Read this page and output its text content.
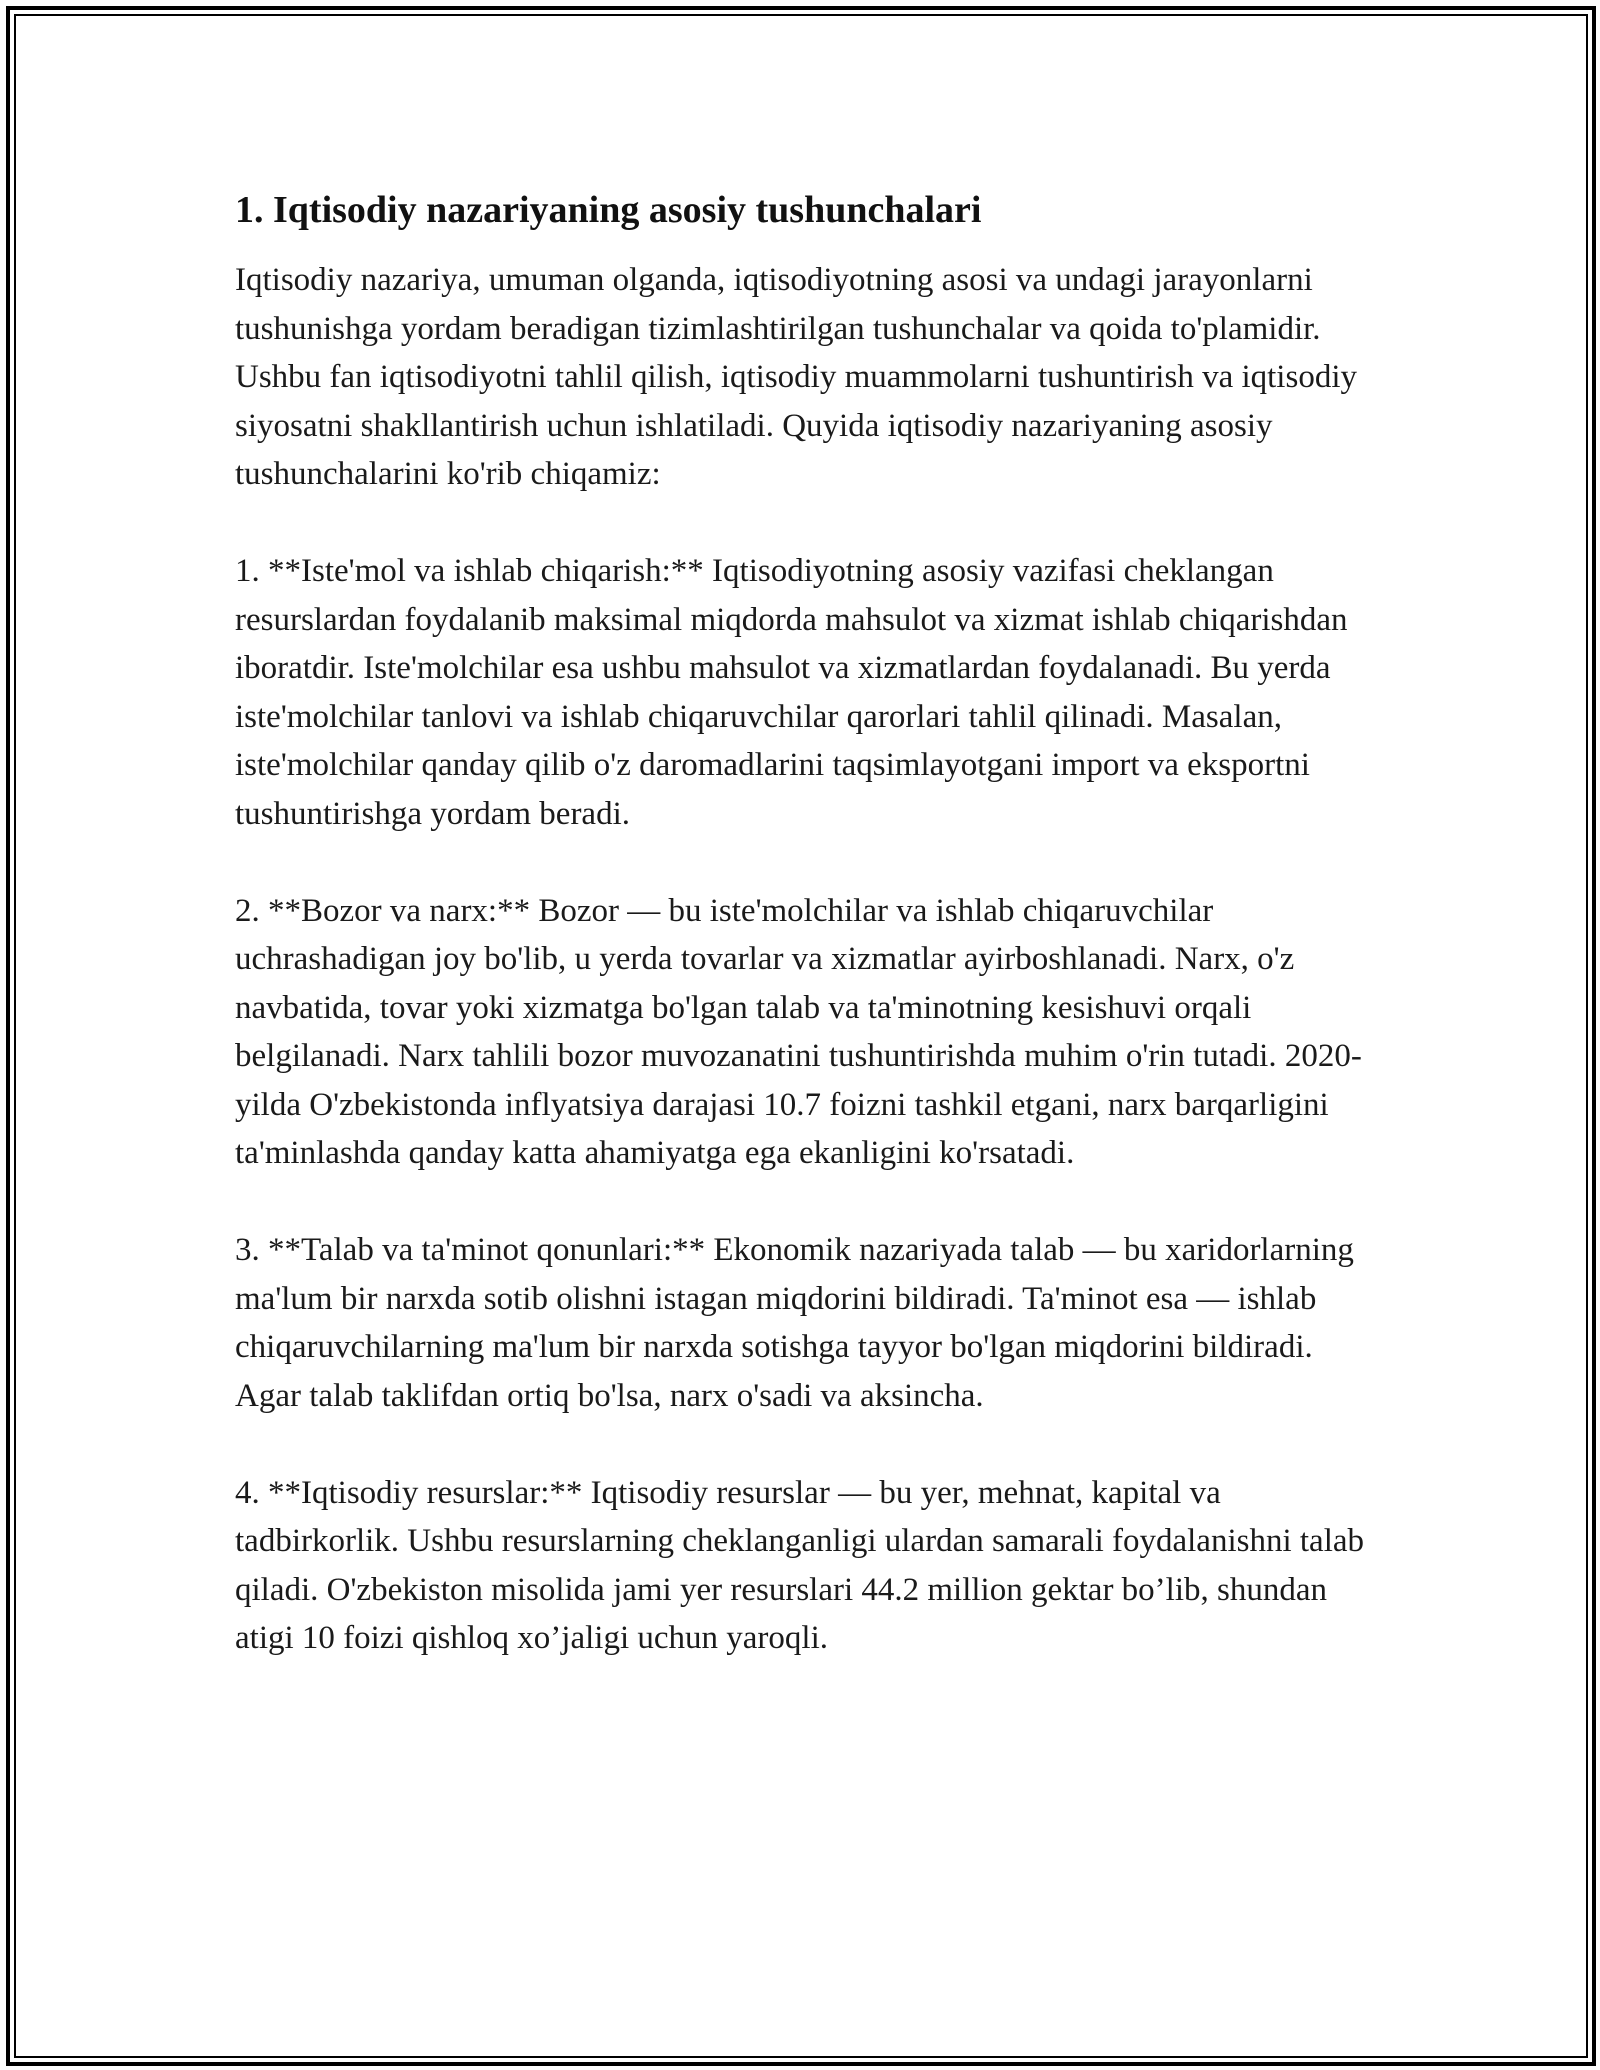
1. Iqtisodiy nazariyaning asosiy tushunchalari

Iqtisodiy nazariya, umuman olganda, iqtisodiyotning asosi va undagi jarayonlarni tushunishga yordam beradigan tizimlashtirilgan tushunchalar va qoida to'plamidir. Ushbu fan iqtisodiyotni tahlil qilish, iqtisodiy muammolarni tushuntirish va iqtisodiy siyosatni shakllantirish uchun ishlatiladi. Quyida iqtisodiy nazariyaning asosiy tushunchalarini ko'rib chiqamiz:

1. **Iste'mol va ishlab chiqarish:** Iqtisodiyotning asosiy vazifasi cheklangan resurslardan foydalanib maksimal miqdorda mahsulot va xizmat ishlab chiqarishdan iboratdir. Iste'molchilar esa ushbu mahsulot va xizmatlardan foydalanadi. Bu yerda iste'molchilar tanlovi va ishlab chiqaruvchilar qarorlari tahlil qilinadi. Masalan, iste'molchilar qanday qilib o'z daromadlarini taqsimlayotgani import va eksportni tushuntirishga yordam beradi.

2. **Bozor va narx:** Bozor — bu iste'molchilar va ishlab chiqaruvchilar uchrashadigan joy bo'lib, u yerda tovarlar va xizmatlar ayirboshlanadi. Narx, o'z navbatida, tovar yoki xizmatga bo'lgan talab va ta'minotning kesishuvi orqali belgilanadi. Narx tahlili bozor muvozanatini tushuntirishda muhim o'rin tutadi. 2020-yilda O'zbekistonda inflyatsiya darajasi 10.7 foizni tashkil etgani, narx barqarligini ta'minlashda qanday katta ahamiyatga ega ekanligini ko'rsatadi.

3. **Talab va ta'minot qonunlari:** Ekonomik nazariyada talab — bu xaridorlarning ma'lum bir narxda sotib olishni istagan miqdorini bildiradi. Ta'minot esa — ishlab chiqaruvchilarning ma'lum bir narxda sotishga tayyor bo'lgan miqdorini bildiradi. Agar talab taklifdan ortiq bo'lsa, narx o'sadi va aksincha.

4. **Iqtisodiy resurslar:** Iqtisodiy resurslar — bu yer, mehnat, kapital va tadbirkorlik. Ushbu resurslarning cheklanganligi ulardan samarali foydalanishni talab qiladi. O'zbekiston misolida jami yer resurslari 44.2 million gektar bo’lib, shundan atigi 10 foizi qishloq xo’jaligi uchun yaroqli.
